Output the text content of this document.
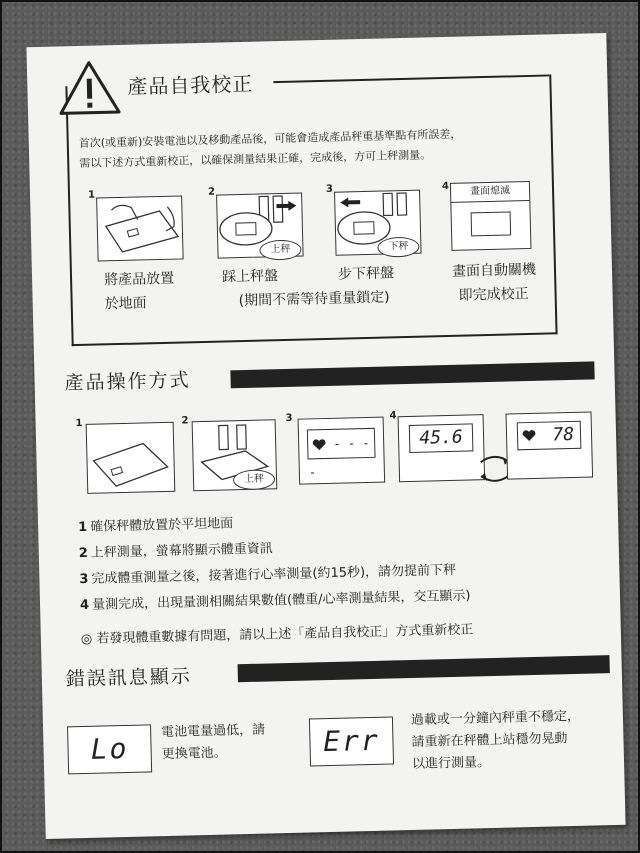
產品自我校正
首次(或重新)安裝電池以及移動產品後，可能會造成產品秤重基準點有所誤差，
需以下述方式重新校正，以確保測量結果正確，完成後，方可上秤測量。
1
將產品放置
於地面
2
上秤
踩上秤盤
3
下秤
步下秤盤
(期間不需等待重量鎖定)
4	畫面熄滅
畫面自動關機
即完成校正
產品操作方式
1	2
上秤
3
- - - -
4
45.6	78
1 確保秤體放置於平坦地面
2 上秤測量，螢幕將顯示體重資訊
3 完成體重測量之後，接著進行心率測量(約15秒)，請勿提前下秤
4 量測完成，出現量測相關結果數值(體重/心率測量結果，交互顯示)
◎ 若發現體重數據有問題，請以上述「產品自我校正」方式重新校正
錯誤訊息顯示
Lo
電池電量過低，請
更換電池。	Err
過載或一分鐘內秤重不穩定，
請重新在秤體上站穩勿晃動
以進行測量。
